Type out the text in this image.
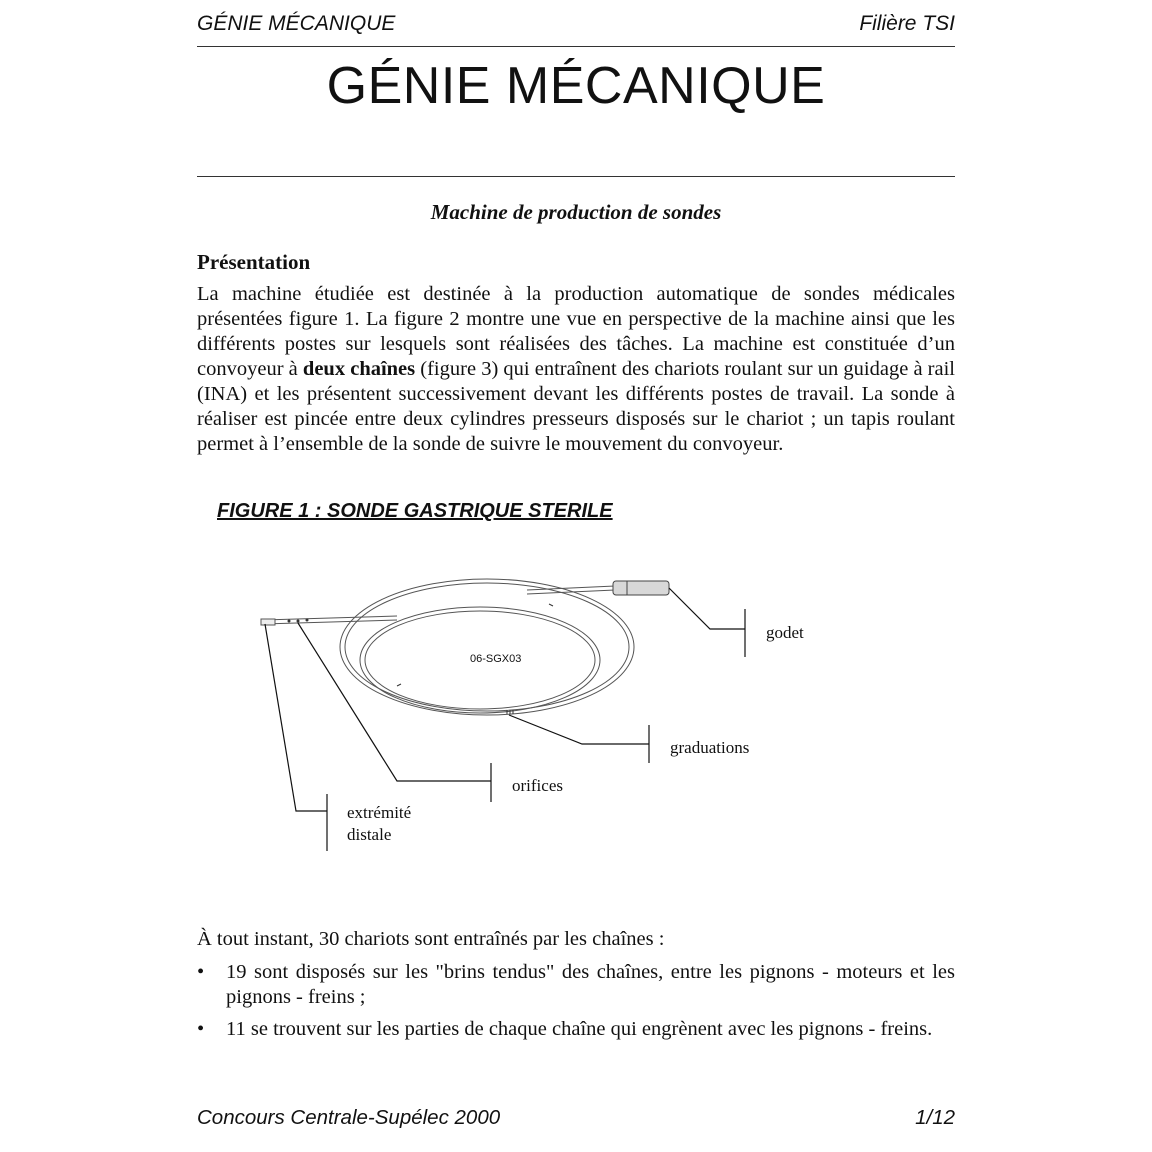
GÉNIE MÉCANIQUE	Filière TSI
GÉNIE MÉCANIQUE
Machine de production de sondes
Présentation
La machine étudiée est destinée à la production automatique de sondes médicales présentées figure 1. La figure 2 montre une vue en perspective de la machine ainsi que les différents postes sur lesquels sont réalisées des tâches. La machine est constituée d’un convoyeur à deux chaînes (figure 3) qui entraînent des chariots roulant sur un guidage à rail (INA) et les présentent successivement devant les différents postes de travail. La sonde à réaliser est pincée entre deux cylindres presseurs disposés sur le chariot ; un tapis roulant permet à l’ensemble de la sonde de suivre le mouvement du convoyeur.
FIGURE 1 : SONDE GASTRIQUE STERILE
06-SGX03
godet
graduations
orifices
extrémité
distale
À tout instant, 30 chariots sont entraînés par les chaînes :
• 19 sont disposés sur les "brins tendus" des chaînes, entre les pignons - moteurs et les pignons - freins ;
• 11 se trouvent sur les parties de chaque chaîne qui engrènent avec les pignons - freins.
Concours Centrale-Supélec 2000	1/12
